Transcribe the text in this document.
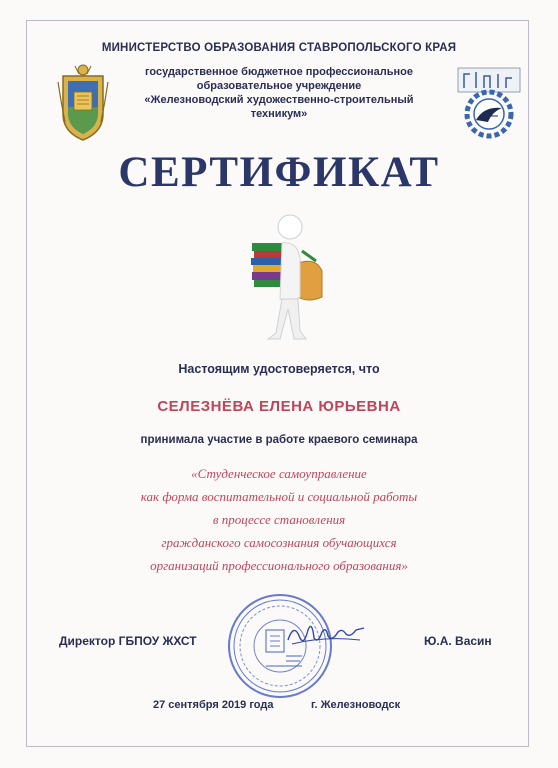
МИНИСТЕРСТВО ОБРАЗОВАНИЯ СТАВРОПОЛЬСКОГО КРАЯ
государственное бюджетное профессиональное
образовательное учреждение
«Железноводский художественно-строительный
техникум»
СЕРТИФИКАТ
Настоящим удостоверяется, что
СЕЛЕЗНЁВА ЕЛЕНА ЮРЬЕВНА
принимала участие в работе краевого семинара
«Студенческое самоуправление
как форма воспитательной и социальной работы
в процессе становления
гражданского самосознания обучающихся
организаций профессионального образования»
Директор ГБПОУ ЖХСТ	Ю.А. Васин
27 сентября 2019 года	г. Железноводск
